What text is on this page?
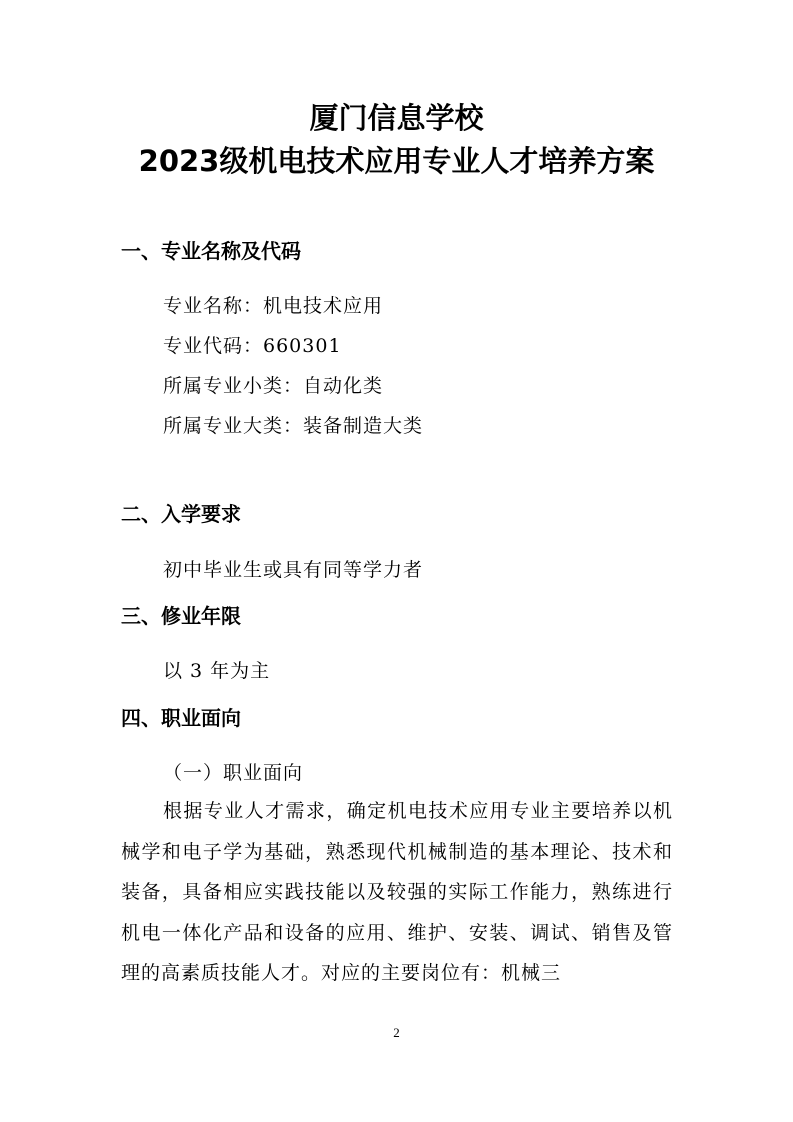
厦门信息学校
2023级机电技术应用专业人才培养方案
一、专业名称及代码

专业名称：机电技术应用

专业代码：660301

所属专业小类：自动化类

所属专业大类：装备制造大类

二、入学要求

初中毕业生或具有同等学力者

三、修业年限

以 3 年为主

四、职业面向

（一）职业面向

根据专业人才需求，确定机电技术应用专业主要培养以机械学和电子学为基础，熟悉现代机械制造的基本理论、技术和装备，具备相应实践技能以及较强的实际工作能力，熟练进行机电一体化产品和设备的应用、维护、安装、调试、销售及管理的高素质技能人才。对应的主要岗位有：机械三

2
